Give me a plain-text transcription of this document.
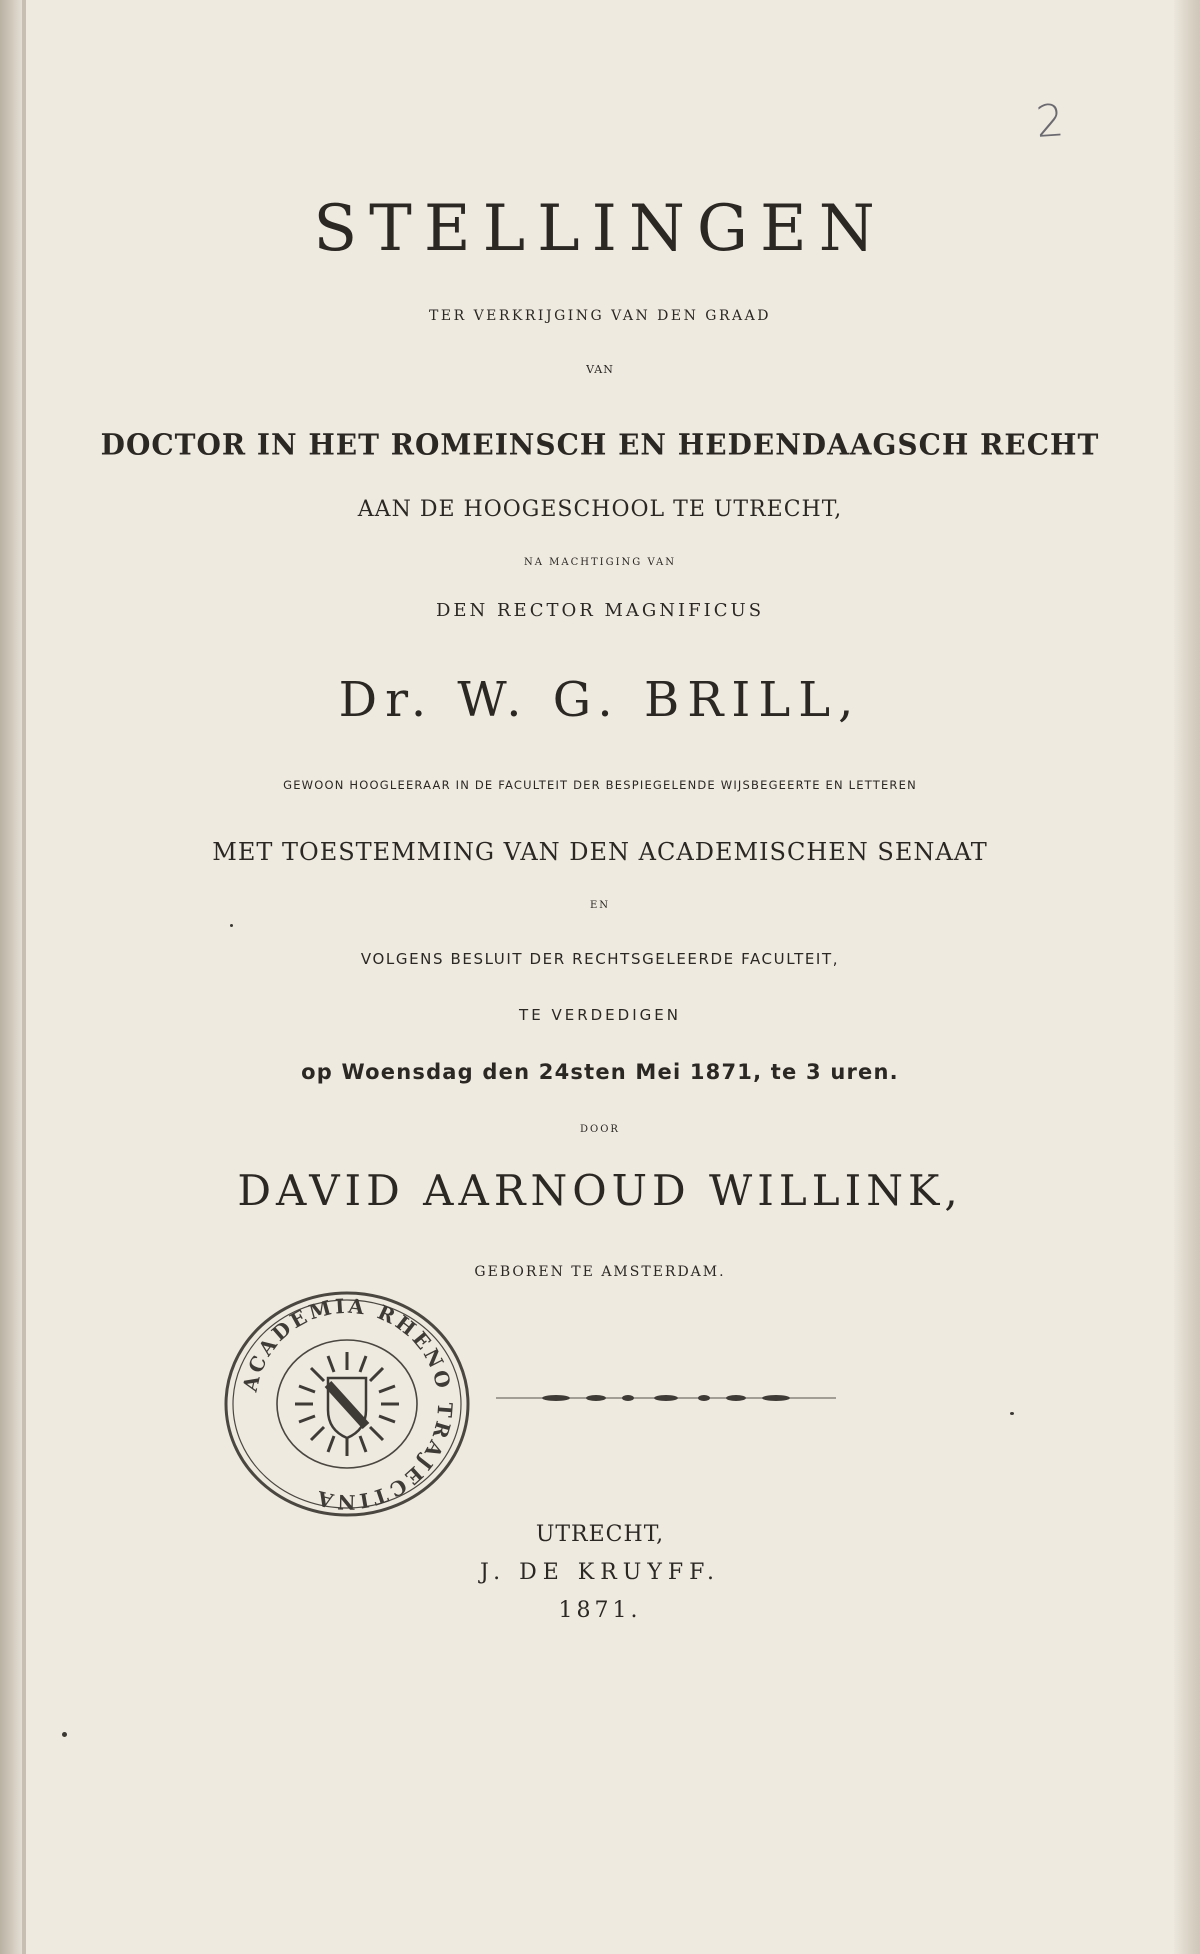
2
STELLINGEN
TER VERKRIJGING VAN DEN GRAAD
VAN
DOCTOR IN HET ROMEINSCH EN HEDENDAAGSCH RECHT
AAN DE HOOGESCHOOL TE UTRECHT,
NA MACHTIGING VAN
DEN RECTOR MAGNIFICUS
Dr. W. G. BRILL,
GEWOON HOOGLEERAAR IN DE FACULTEIT DER BESPIEGELENDE WIJSBEGEERTE EN LETTEREN
MET TOESTEMMING VAN DEN ACADEMISCHEN SENAAT
EN
VOLGENS BESLUIT DER RECHTSGELEERDE FACULTEIT,
TE VERDEDIGEN
op Woensdag den 24sten Mei 1871, te 3 uren.
DOOR
DAVID AARNOUD WILLINK,
GEBOREN TE AMSTERDAM.
ACADEMIA RHENO TRAJECTINA
UTRECHT,
J. DE KRUYFF.
1871.
